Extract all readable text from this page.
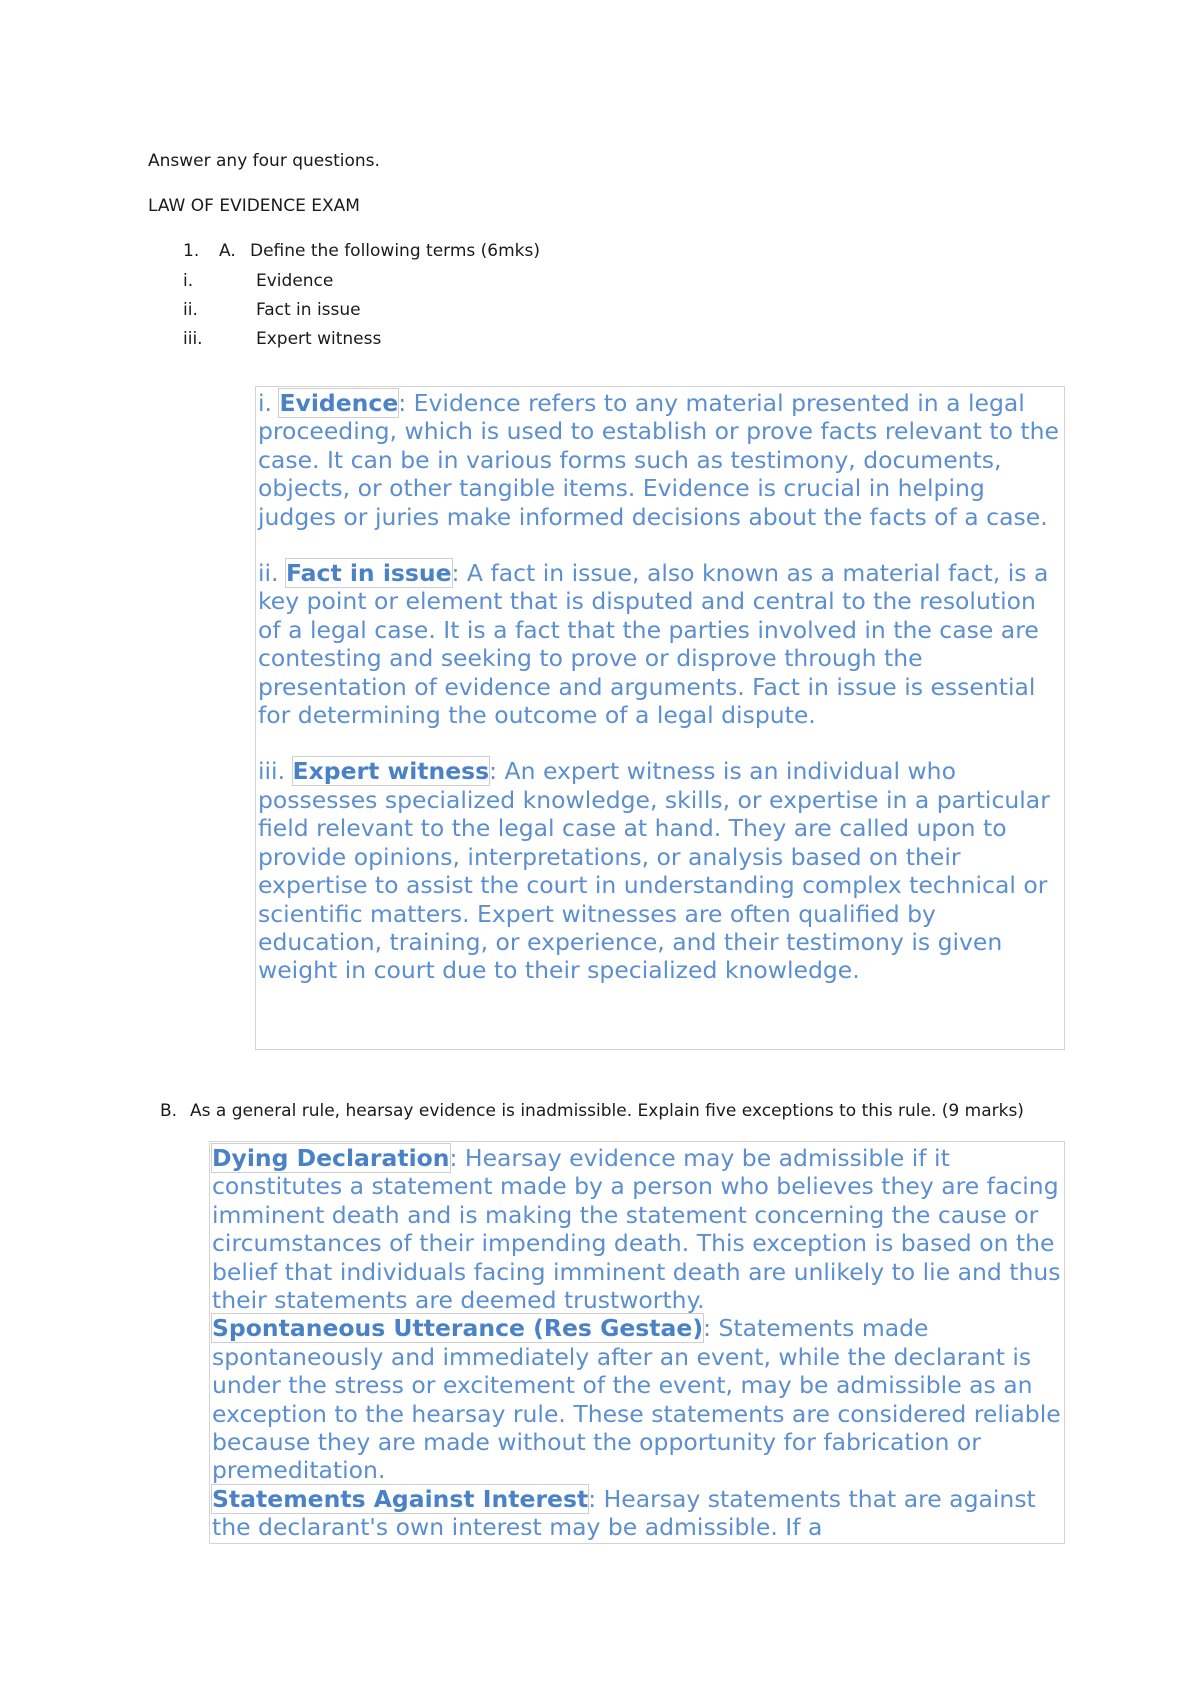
Answer any four questions.
LAW OF EVIDENCE EXAM
1. A. Define the following terms (6mks)
i.	Evidence
ii.	Fact in issue
iii.	Expert witness

i. Evidence: Evidence refers to any material presented in a legal proceeding, which is used to establish or prove facts relevant to the case. It can be in various forms such as testimony, documents, objects, or other tangible items. Evidence is crucial in helping judges or juries make informed decisions about the facts of a case.

ii. Fact in issue: A fact in issue, also known as a material fact, is a key point or element that is disputed and central to the resolution of a legal case. It is a fact that the parties involved in the case are contesting and seeking to prove or disprove through the presentation of evidence and arguments. Fact in issue is essential for determining the outcome of a legal dispute.

iii. Expert witness: An expert witness is an individual who possesses specialized knowledge, skills, or expertise in a particular field relevant to the legal case at hand. They are called upon to provide opinions, interpretations, or analysis based on their expertise to assist the court in understanding complex technical or scientific matters. Expert witnesses are often qualified by education, training, or experience, and their testimony is given weight in court due to their specialized knowledge.

B. As a general rule, hearsay evidence is inadmissible. Explain five exceptions to this rule. (9 marks)

Dying Declaration: Hearsay evidence may be admissible if it constitutes a statement made by a person who believes they are facing imminent death and is making the statement concerning the cause or circumstances of their impending death. This exception is based on the belief that individuals facing imminent death are unlikely to lie and thus their statements are deemed trustworthy.

Spontaneous Utterance (Res Gestae): Statements made spontaneously and immediately after an event, while the declarant is under the stress or excitement of the event, may be admissible as an exception to the hearsay rule. These statements are considered reliable because they are made without the opportunity for fabrication or premeditation.

Statements Against Interest: Hearsay statements that are against the declarant's own interest may be admissible. If a
